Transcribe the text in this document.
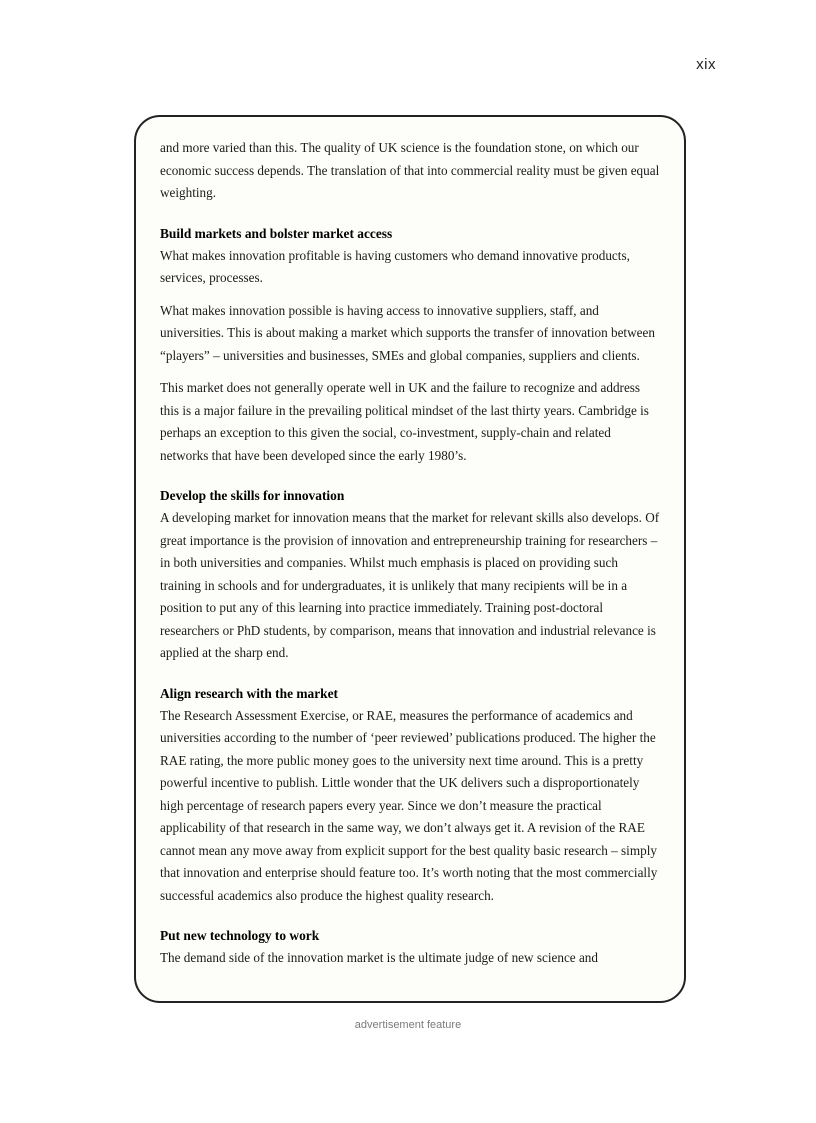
xix

and more varied than this. The quality of UK science is the foundation stone, on which our economic success depends. The translation of that into commercial reality must be given equal weighting.

Build markets and bolster market access

What makes innovation profitable is having customers who demand innovative products, services, processes.

What makes innovation possible is having access to innovative suppliers, staff, and universities. This is about making a market which supports the transfer of innovation between “players” – universities and businesses, SMEs and global companies, suppliers and clients.

This market does not generally operate well in UK and the failure to recognize and address this is a major failure in the prevailing political mindset of the last thirty years. Cambridge is perhaps an exception to this given the social, co-investment, supply-chain and related networks that have been developed since the early 1980’s.

Develop the skills for innovation

A developing market for innovation means that the market for relevant skills also develops. Of great importance is the provision of innovation and entrepreneurship training for researchers – in both universities and companies. Whilst much emphasis is placed on providing such training in schools and for undergraduates, it is unlikely that many recipients will be in a position to put any of this learning into practice immediately. Training post-doctoral researchers or PhD students, by comparison, means that innovation and industrial relevance is applied at the sharp end.

Align research with the market

The Research Assessment Exercise, or RAE, measures the performance of academics and universities according to the number of ‘peer reviewed’ publications produced. The higher the RAE rating, the more public money goes to the university next time around. This is a pretty powerful incentive to publish. Little wonder that the UK delivers such a disproportionately high percentage of research papers every year. Since we don’t measure the practical applicability of that research in the same way, we don’t always get it. A revision of the RAE cannot mean any move away from explicit support for the best quality basic research – simply that innovation and enterprise should feature too. It’s worth noting that the most commercially successful academics also produce the highest quality research.

Put new technology to work

The demand side of the innovation market is the ultimate judge of new science and

advertisement feature
